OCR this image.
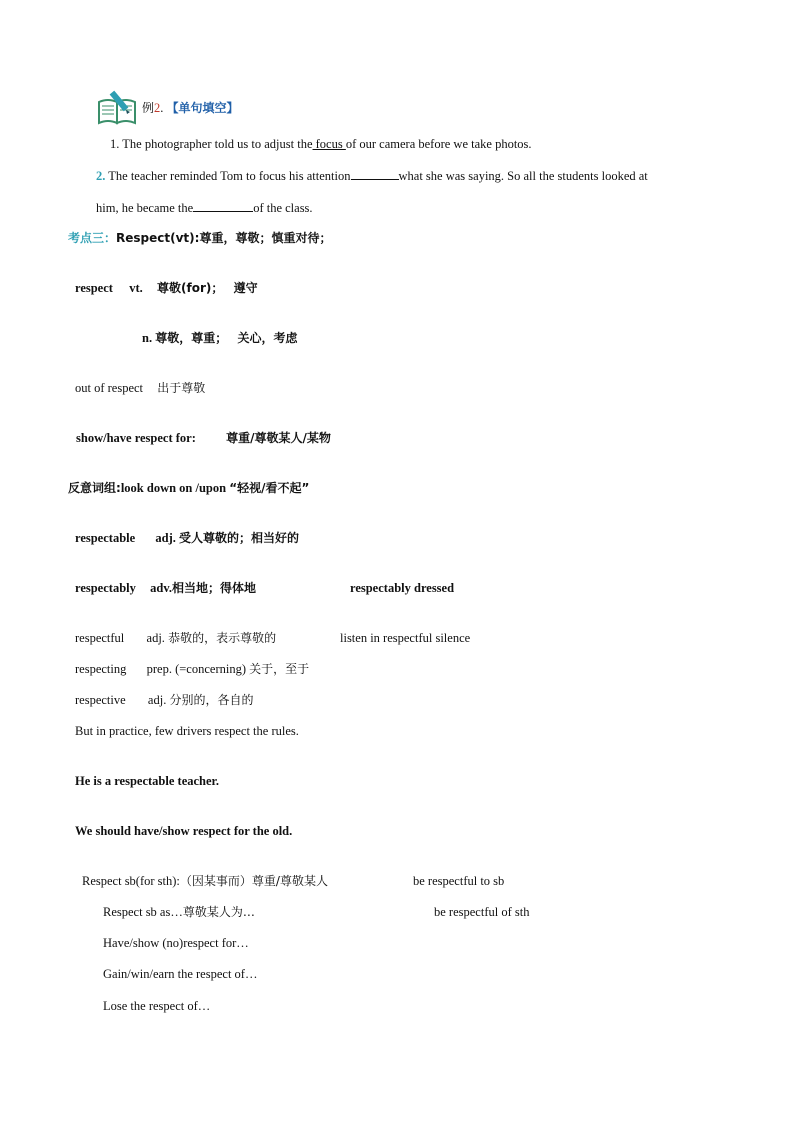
例2. 【单句填空】
1. The photographer told us to adjust the focus of our camera before we take photos.
2. The teacher reminded Tom to focus his attention	what she was saying. So all the students looked at
him, he became the	of the class.
考点三：Respect(vt):尊重，尊敬；慎重对待；
respect vt. 尊敬(for)； 遵守
n. 尊敬，尊重； 关心，考虑
out of respect 出于尊敬
show/have respect for:	尊重/尊敬某人/某物
反意词组:look down on /upon “轻视/看不起”
respectable adj. 受人尊敬的；相当好的
respectably adv.相当地；得体地	respectably dressed
respectful adj. 恭敬的，表示尊敬的	listen in respectful silence
respecting prep. (=concerning) 关于，至于
respective adj. 分别的，各自的
But in practice, few drivers respect the rules.
He is a respectable teacher.
We should have/show respect for the old.
Respect sb(for sth):（因某事而）尊重/尊敬某人	be respectful to sb
Respect sb as…尊敬某人为…	be respectful of sth
Have/show (no)respect for…
Gain/win/earn the respect of…
Lose the respect of…
